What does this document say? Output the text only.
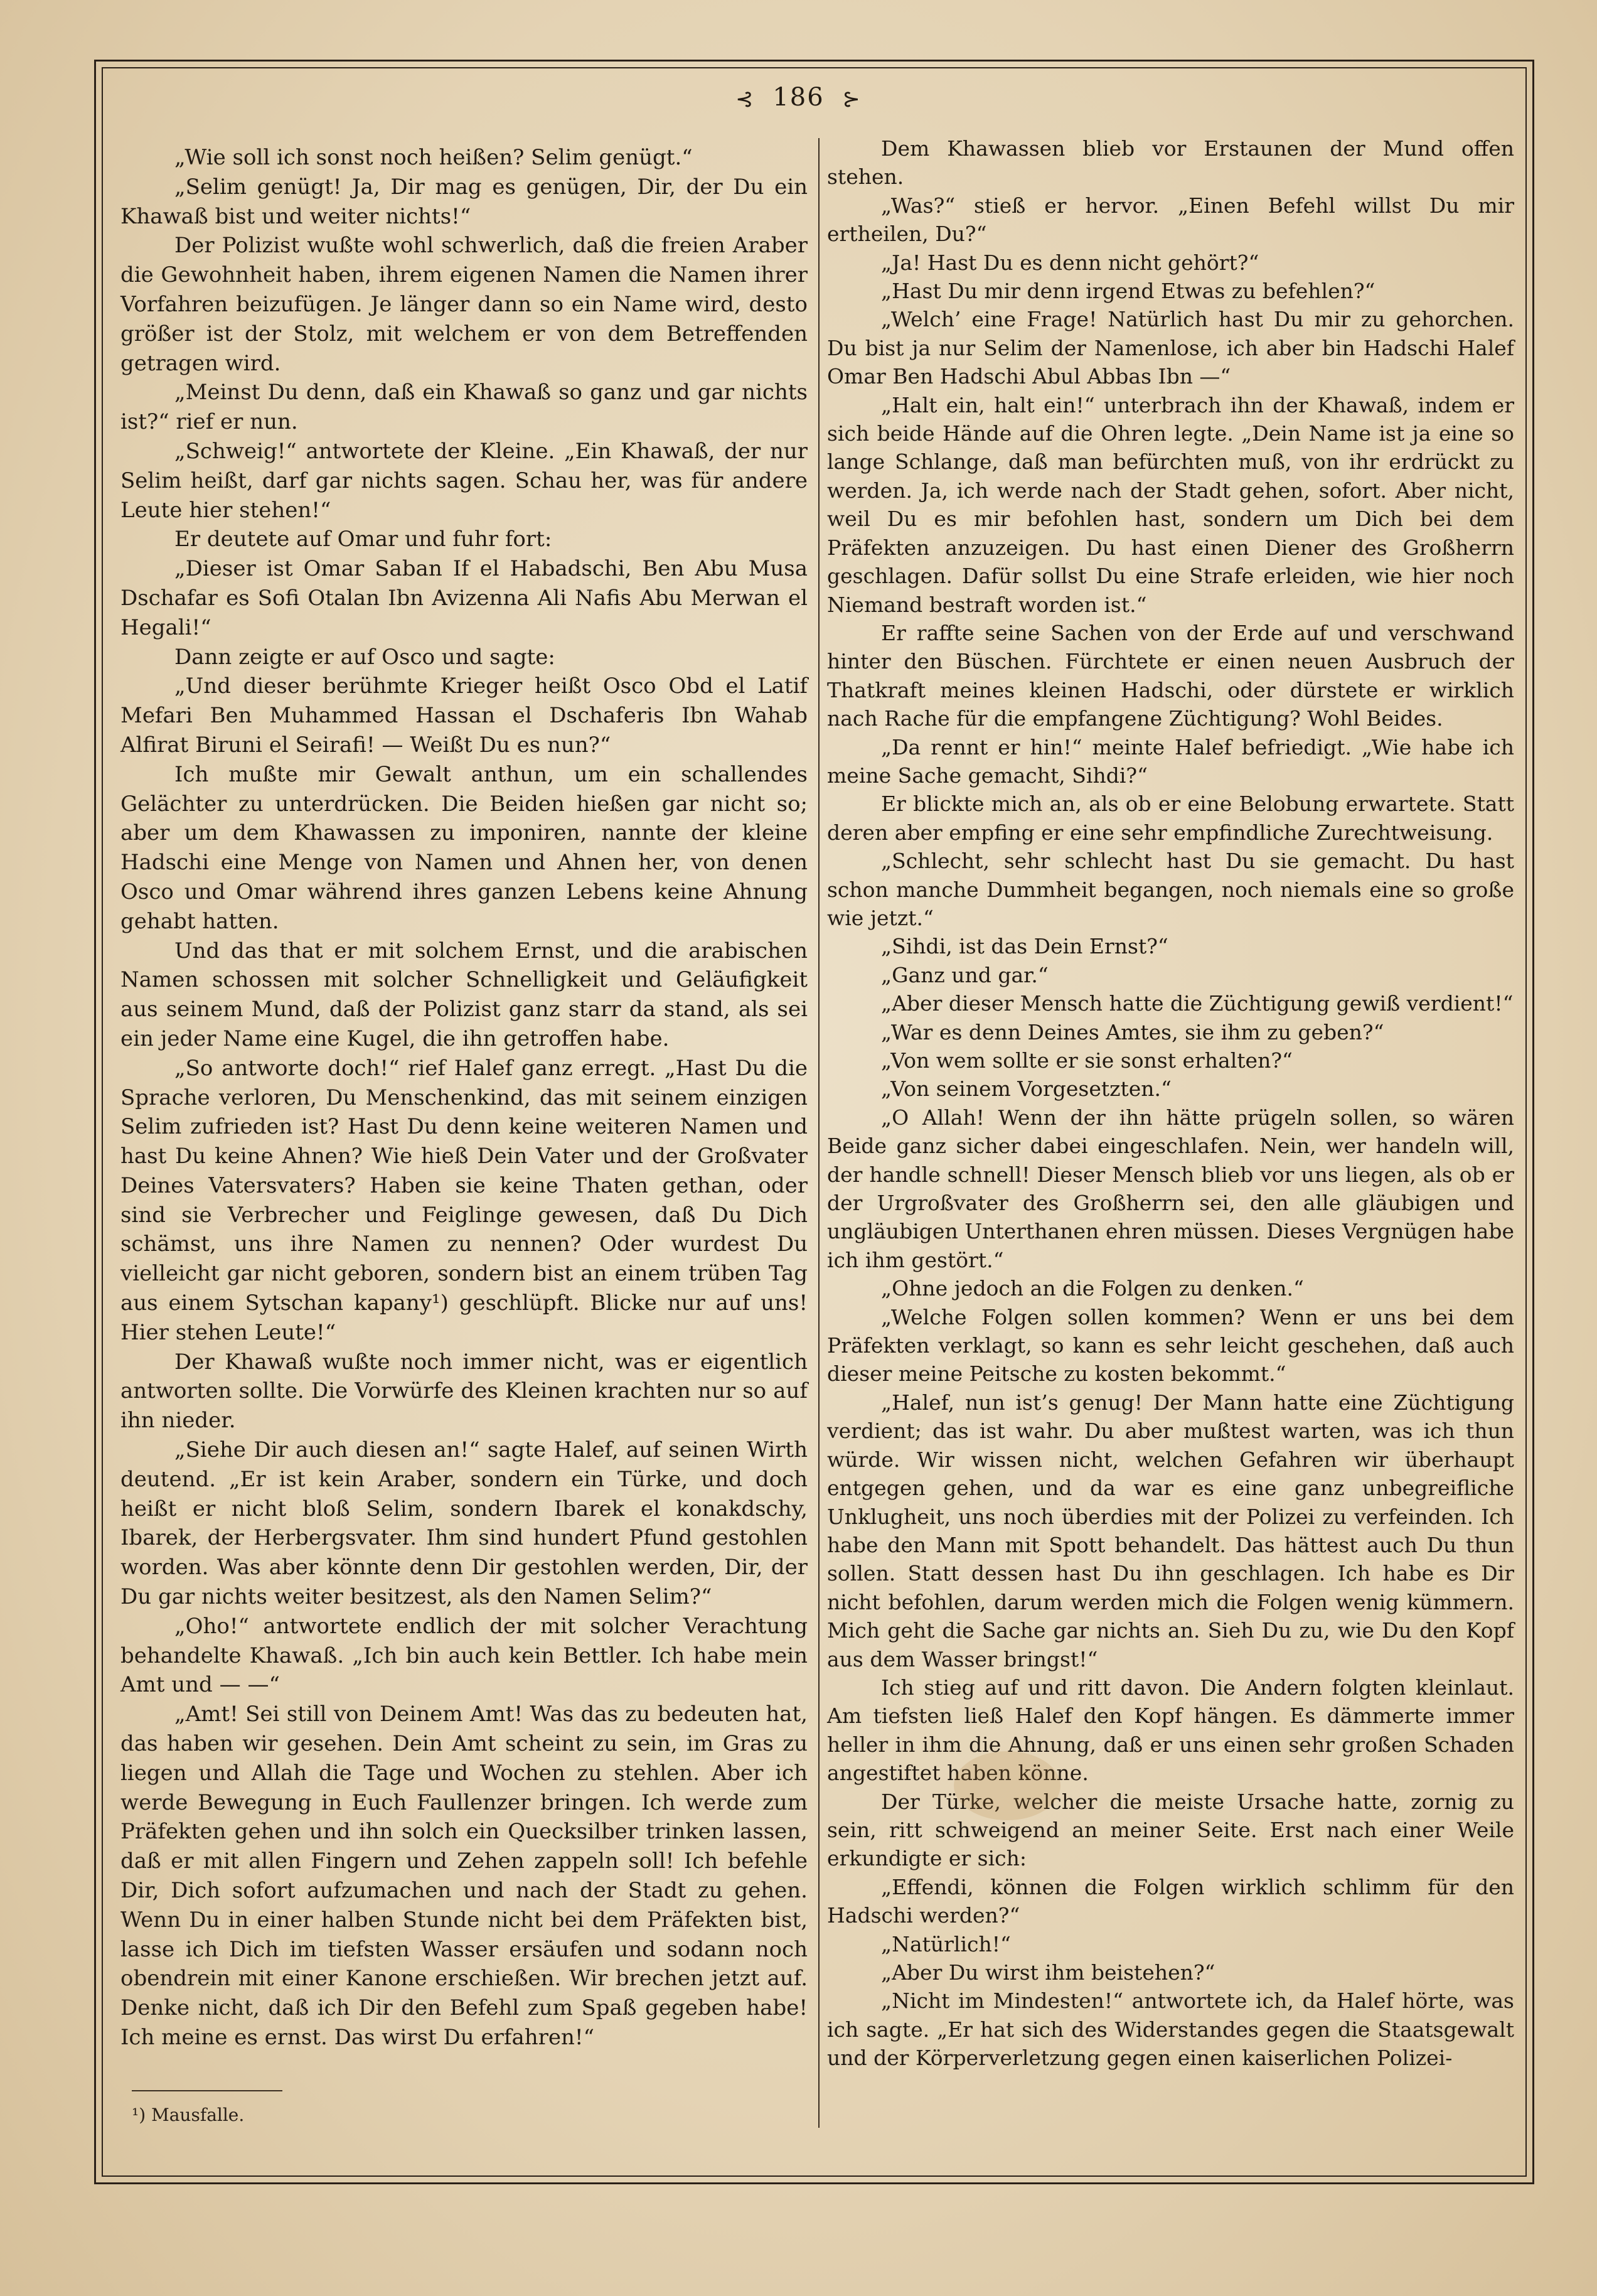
⊰ 186 ⊱

„Wie soll ich sonst noch heißen? Selim genügt.“

„Selim genügt! Ja, Dir mag es genügen, Dir, der Du ein Khawaß bist und weiter nichts!“

Der Polizist wußte wohl schwerlich, daß die freien Araber die Gewohnheit haben, ihrem eigenen Namen die Namen ihrer Vorfahren beizufügen. Je länger dann so ein Name wird, desto größer ist der Stolz, mit welchem er von dem Betreffenden getragen wird.

„Meinst Du denn, daß ein Khawaß so ganz und gar nichts ist?“ rief er nun.

„Schweig!“ antwortete der Kleine. „Ein Khawaß, der nur Selim heißt, darf gar nichts sagen. Schau her, was für andere Leute hier stehen!“

Er deutete auf Omar und fuhr fort:

„Dieser ist Omar Saban If el Habadschi, Ben Abu Musa Dschafar es Sofi Otalan Ibn Avizenna Ali Nafis Abu Merwan el Hegali!“

Dann zeigte er auf Osco und sagte:

„Und dieser berühmte Krieger heißt Osco Obd el Latif Mefari Ben Muhammed Hassan el Dschaferis Ibn Wahab Alfirat Biruni el Seirafi! — Weißt Du es nun?“

Ich mußte mir Gewalt anthun, um ein schallendes Gelächter zu unterdrücken. Die Beiden hießen gar nicht so; aber um dem Khawassen zu imponiren, nannte der kleine Hadschi eine Menge von Namen und Ahnen her, von denen Osco und Omar während ihres ganzen Lebens keine Ahnung gehabt hatten.

Und das that er mit solchem Ernst, und die arabischen Namen schossen mit solcher Schnelligkeit und Geläufigkeit aus seinem Mund, daß der Polizist ganz starr da stand, als sei ein jeder Name eine Kugel, die ihn getroffen habe.

„So antworte doch!“ rief Halef ganz erregt. „Hast Du die Sprache verloren, Du Menschenkind, das mit seinem einzigen Selim zufrieden ist? Hast Du denn keine weiteren Namen und hast Du keine Ahnen? Wie hieß Dein Vater und der Großvater Deines Vatersvaters? Haben sie keine Thaten gethan, oder sind sie Verbrecher und Feiglinge gewesen, daß Du Dich schämst, uns ihre Namen zu nennen? Oder wurdest Du vielleicht gar nicht geboren, sondern bist an einem trüben Tag aus einem Sytschan kapany¹) geschlüpft. Blicke nur auf uns! Hier stehen Leute!“

Der Khawaß wußte noch immer nicht, was er eigentlich antworten sollte. Die Vorwürfe des Kleinen krachten nur so auf ihn nieder.

„Siehe Dir auch diesen an!“ sagte Halef, auf seinen Wirth deutend. „Er ist kein Araber, sondern ein Türke, und doch heißt er nicht bloß Selim, sondern Ibarek el konakdschy, Ibarek, der Herbergsvater. Ihm sind hundert Pfund gestohlen worden. Was aber könnte denn Dir gestohlen werden, Dir, der Du gar nichts weiter besitzest, als den Namen Selim?“

„Oho!“ antwortete endlich der mit solcher Verachtung behandelte Khawaß. „Ich bin auch kein Bettler. Ich habe mein Amt und — —“

„Amt! Sei still von Deinem Amt! Was das zu bedeuten hat, das haben wir gesehen. Dein Amt scheint zu sein, im Gras zu liegen und Allah die Tage und Wochen zu stehlen. Aber ich werde Bewegung in Euch Faullenzer bringen. Ich werde zum Präfekten gehen und ihn solch ein Quecksilber trinken lassen, daß er mit allen Fingern und Zehen zappeln soll! Ich befehle Dir, Dich sofort aufzumachen und nach der Stadt zu gehen. Wenn Du in einer halben Stunde nicht bei dem Präfekten bist, lasse ich Dich im tiefsten Wasser ersäufen und sodann noch obendrein mit einer Kanone erschießen. Wir brechen jetzt auf. Denke nicht, daß ich Dir den Befehl zum Spaß gegeben habe! Ich meine es ernst. Das wirst Du erfahren!“

Dem Khawassen blieb vor Erstaunen der Mund offen stehen.

„Was?“ stieß er hervor. „Einen Befehl willst Du mir ertheilen, Du?“

„Ja! Hast Du es denn nicht gehört?“

„Hast Du mir denn irgend Etwas zu befehlen?“

„Welch’ eine Frage! Natürlich hast Du mir zu gehorchen. Du bist ja nur Selim der Namenlose, ich aber bin Hadschi Halef Omar Ben Hadschi Abul Abbas Ibn —“

„Halt ein, halt ein!“ unterbrach ihn der Khawaß, indem er sich beide Hände auf die Ohren legte. „Dein Name ist ja eine so lange Schlange, daß man befürchten muß, von ihr erdrückt zu werden. Ja, ich werde nach der Stadt gehen, sofort. Aber nicht, weil Du es mir befohlen hast, sondern um Dich bei dem Präfekten anzuzeigen. Du hast einen Diener des Großherrn geschlagen. Dafür sollst Du eine Strafe erleiden, wie hier noch Niemand bestraft worden ist.“

Er raffte seine Sachen von der Erde auf und verschwand hinter den Büschen. Fürchtete er einen neuen Ausbruch der Thatkraft meines kleinen Hadschi, oder dürstete er wirklich nach Rache für die empfangene Züchtigung? Wohl Beides.

„Da rennt er hin!“ meinte Halef befriedigt. „Wie habe ich meine Sache gemacht, Sihdi?“

Er blickte mich an, als ob er eine Belobung erwartete. Statt deren aber empfing er eine sehr empfindliche Zurechtweisung.

„Schlecht, sehr schlecht hast Du sie gemacht. Du hast schon manche Dummheit begangen, noch niemals eine so große wie jetzt.“

„Sihdi, ist das Dein Ernst?“

„Ganz und gar.“

„Aber dieser Mensch hatte die Züchtigung gewiß verdient!“

„War es denn Deines Amtes, sie ihm zu geben?“

„Von wem sollte er sie sonst erhalten?“

„Von seinem Vorgesetzten.“

„O Allah! Wenn der ihn hätte prügeln sollen, so wären Beide ganz sicher dabei eingeschlafen. Nein, wer handeln will, der handle schnell! Dieser Mensch blieb vor uns liegen, als ob er der Urgroßvater des Großherrn sei, den alle gläubigen und ungläubigen Unterthanen ehren müssen. Dieses Vergnügen habe ich ihm gestört.“

„Ohne jedoch an die Folgen zu denken.“

„Welche Folgen sollen kommen? Wenn er uns bei dem Präfekten verklagt, so kann es sehr leicht geschehen, daß auch dieser meine Peitsche zu kosten bekommt.“

„Halef, nun ist’s genug! Der Mann hatte eine Züchtigung verdient; das ist wahr. Du aber mußtest warten, was ich thun würde. Wir wissen nicht, welchen Gefahren wir überhaupt entgegen gehen, und da war es eine ganz unbegreifliche Unklugheit, uns noch überdies mit der Polizei zu verfeinden. Ich habe den Mann mit Spott behandelt. Das hättest auch Du thun sollen. Statt dessen hast Du ihn geschlagen. Ich habe es Dir nicht befohlen, darum werden mich die Folgen wenig kümmern. Mich geht die Sache gar nichts an. Sieh Du zu, wie Du den Kopf aus dem Wasser bringst!“

Ich stieg auf und ritt davon. Die Andern folgten kleinlaut. Am tiefsten ließ Halef den Kopf hängen. Es dämmerte immer heller in ihm die Ahnung, daß er uns einen sehr großen Schaden angestiftet haben könne.

Der Türke, welcher die meiste Ursache hatte, zornig zu sein, ritt schweigend an meiner Seite. Erst nach einer Weile erkundigte er sich:

„Effendi, können die Folgen wirklich schlimm für den Hadschi werden?“

„Natürlich!“

„Aber Du wirst ihm beistehen?“

„Nicht im Mindesten!“ antwortete ich, da Halef hörte, was ich sagte. „Er hat sich des Widerstandes gegen die Staatsgewalt und der Körperverletzung gegen einen kaiserlichen Polizei-

¹) Mausfalle.
